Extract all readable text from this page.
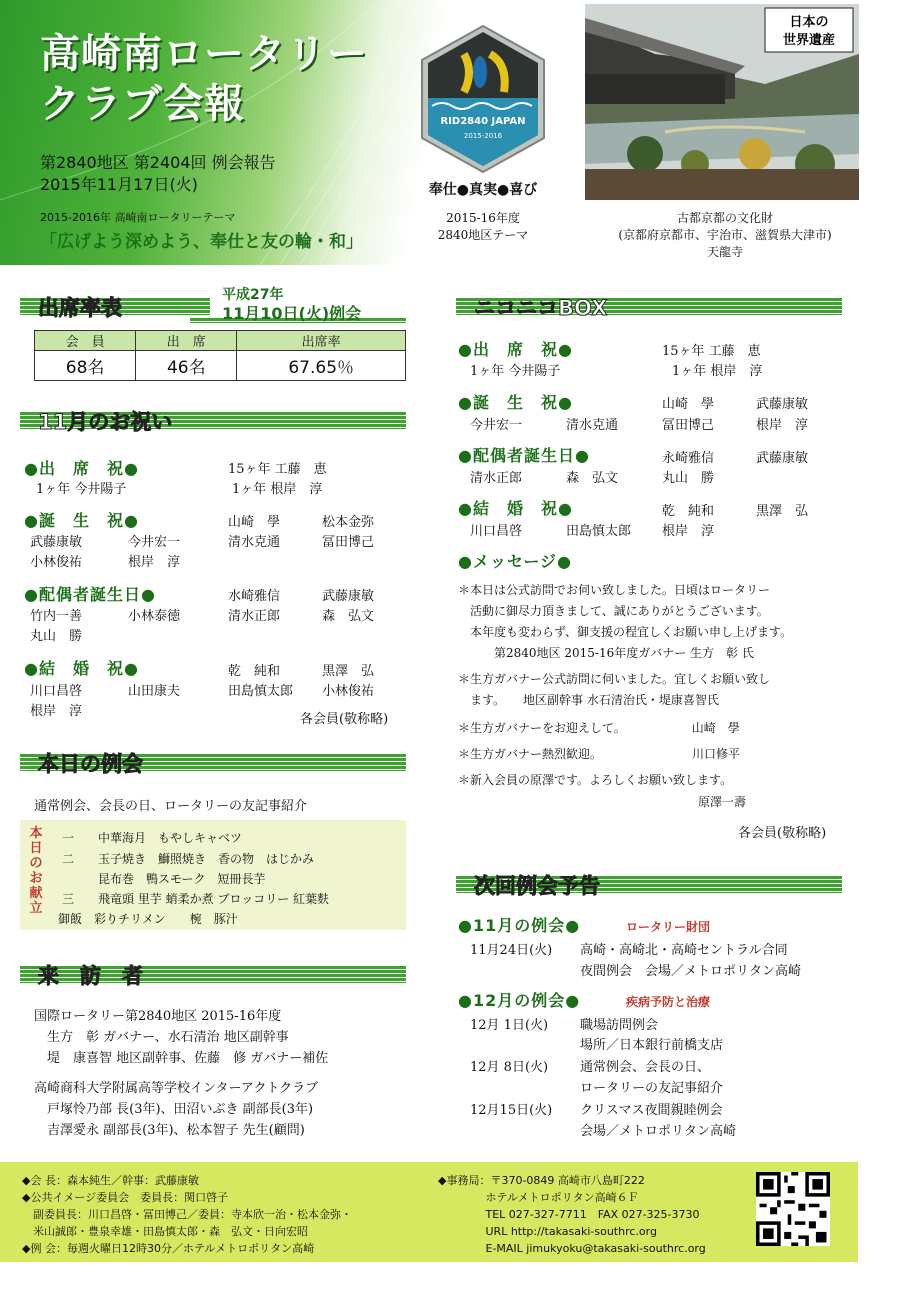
高崎南ロータリー
クラブ会報
第2840地区 第2404回 例会報告
2015年11月17日(火)
2015-2016年 高崎南ロータリーテーマ
「広げよう深めよう、奉仕と友の輪・和」
RID2840 JAPAN
2015-2016
奉仕●真実●喜び
2015-16年度
2840地区テーマ
日本の
世界遺産
古都京都の文化財
(京都府京都市、宇治市、滋賀県大津市)
天龍寺
出席率表
平成27年
11月10日(火)例会
会　員	出　席	出席率
68名	46名	67.65％
11月のお祝い
●出　席　祝●	15ヶ年 工藤　恵
1ヶ年 今井陽子	1ヶ年 根岸　淳
●誕　生　祝●	山崎　學	松本金弥
武藤康敏	今井宏一	清水克通	冨田博己
小林俊祐	根岸　淳
●配偶者誕生日●	水崎雅信	武藤康敏
竹内一善	小林泰徳	清水正郎	森　弘文
丸山　勝
●結　婚　祝●	乾　純和	黒澤　弘
川口昌啓	山田康夫	田島慎太郎 小林俊祐
根岸　淳
各会員(敬称略)
本日の例会
通常例会、会長の日、ロータリーの友記事紹介
本日のお献立
一　　中華海月　もやしキャベツ
二　　玉子焼き　鰤照焼き　香の物　はじかみ
　　　昆布巻　鴨スモーク　短冊長芋
三　　飛竜頭 里芋 蛸柔か煮 ブロッコリー 紅葉麩
御飯　彩りチリメン　　椀　豚汁
来　訪　者
国際ロータリー第2840地区 2015-16年度
　生方　彰 ガバナー、水石清治 地区副幹事
　堤　康喜智 地区副幹事、佐藤　修 ガバナー補佐
高崎商科大学附属高等学校インターアクトクラブ
　戸塚怜乃部 長(3年)、田沼いぶき 副部長(3年)
　吉澤愛永 副部長(3年)、松本智子 先生(顧問)
ニコニコBOX
●出　席　祝●	15ヶ年 工藤　恵
1ヶ年 今井陽子	1ヶ年 根岸　淳
●誕　生　祝●	山崎　學	武藤康敏
今井宏一	清水克通	冨田博己	根岸　淳
●配偶者誕生日●	永崎雅信	武藤康敏
清水正郎	森　弘文	丸山　勝
●結　婚　祝●	乾　純和	黒澤　弘
川口昌啓	田島慎太郎 根岸　淳
●メッセージ●
＊本日は公式訪問でお伺い致しました。日頃はロータリー
　活動に御尽力頂きまして、誠にありがとうございます。
　本年度も変わらず、御支援の程宜しくお願い申し上げます。
　　　第2840地区 2015-16年度ガバナー 生方　彰 氏
＊生方ガバナー公式訪問に伺いました。宜しくお願い致し
　ます。　　地区副幹事 水石清治氏・堤康喜智氏
＊生方ガバナーをお迎えして。　　　　　　山崎　學
＊生方ガバナー熱烈歓迎。　　　　　　　　川口修平
＊新入会員の原澤です。よろしくお願い致します。
　　　　　　　　　　　　　　　　　　　　原澤一壽
各会員(敬称略)
次回例会予告
●11月の例会●	ロータリー財団
11月24日(火) 高崎・高崎北・高崎セントラル合同
夜間例会　会場／メトロポリタン高崎
●12月の例会●	疾病予防と治療
12月 1日(火) 職場訪問例会
場所／日本銀行前橋支店
12月 8日(火) 通常例会、会長の日、
ロータリーの友記事紹介
12月15日(火) クリスマス夜間親睦例会
会場／メトロポリタン高崎
◆会 長：森本純生／幹事：武藤康敏
◆公共イメージ委員会　委員長：関口啓子
　副委員長：川口昌啓・冨田博己／委員：寺本欣一治・松本金弥・
　米山誠郎・豊泉幸雄・田島慎太郎・森　弘文・日向宏昭
◆例 会：毎週火曜日12時30分／ホテルメトロポリタン高崎
◆事務局：〒370-0849 高崎市八島町222
　　　　 ホテルメトロポリタン高崎６Ｆ
　　　　 TEL 027-327-7711　FAX 027-325-3730
　　　　 URL http://takasaki-southrc.org
　　　　 E-MAIL jimukyoku@takasaki-southrc.org
